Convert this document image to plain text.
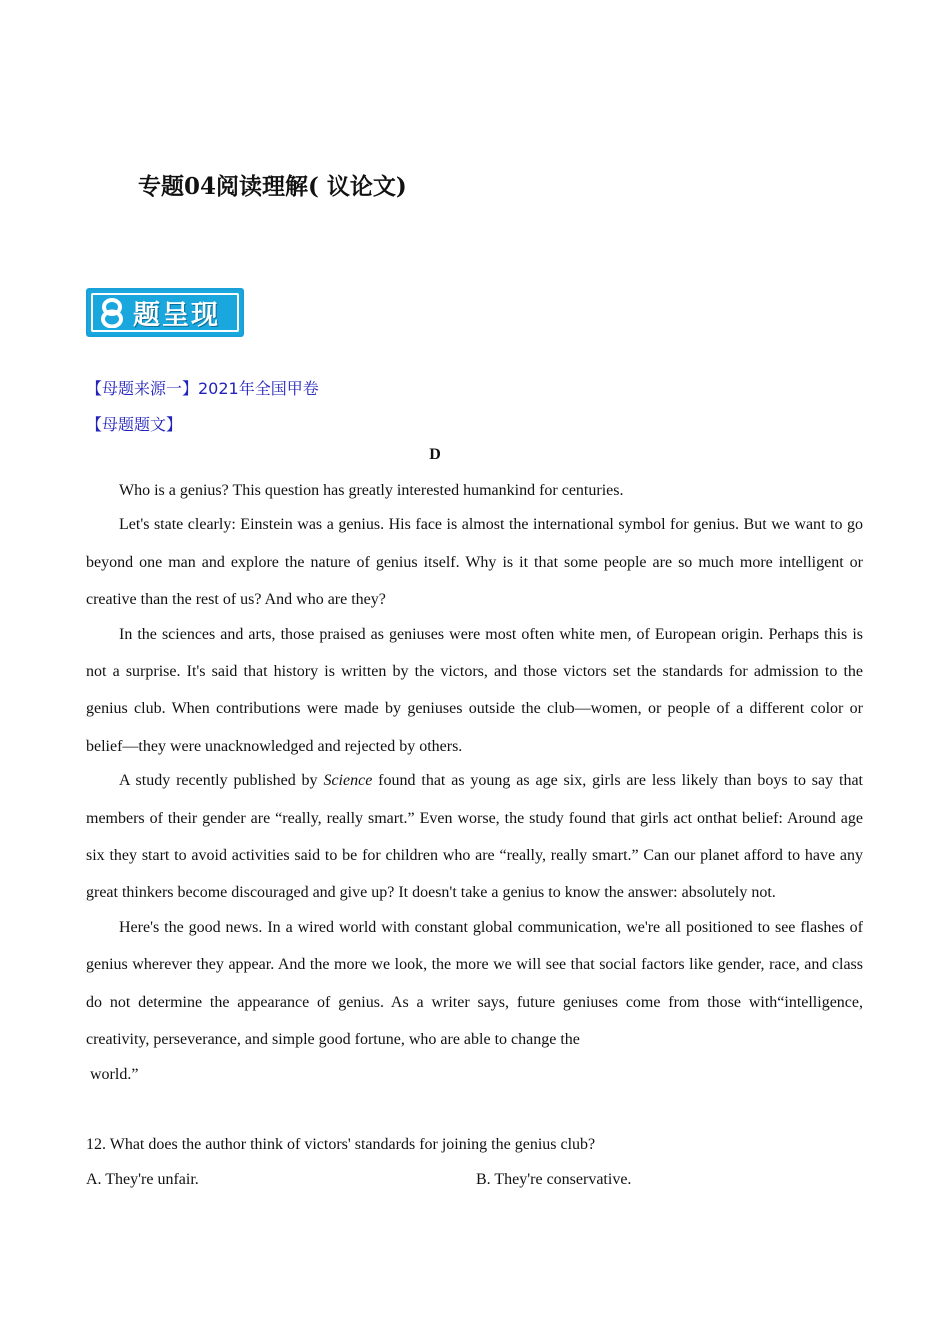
专题04阅读理解( 议论文)
题呈现
【母题来源一】2021年全国甲卷
【母题题文】
D

Who is a genius? This question has greatly interested humankind for centuries.

Let's state clearly: Einstein was a genius. His face is almost the international symbol for genius. But we want to go beyond one man and explore the nature of genius itself. Why is it that some people are so much more intelligent or creative than the rest of us? And who are they?

In the sciences and arts, those praised as geniuses were most often white men, of European origin. Perhaps this is not a surprise. It's said that history is written by the victors, and those victors set the standards for admission to the genius club. When contributions were made by geniuses outside the club—women, or people of a different color or belief—they were unacknowledged and rejected by others.

A study recently published by Science found that as young as age six, girls are less likely than boys to say that members of their gender are “really, really smart.” Even worse, the study found that girls act onthat belief: Around age six they start to avoid activities said to be for children who are “really, really smart.” Can our planet afford to have any great thinkers become discouraged and give up? It doesn't take a genius to know the answer: absolutely not.

Here's the good news. In a wired world with constant global communication, we're all positioned to see flashes of genius wherever they appear. And the more we look, the more we will see that social factors like gender, race, and class do not determine the appearance of genius. As a writer says, future geniuses come from those with“intelligence, creativity, perseverance, and simple good fortune, who are able to change the

world.”

12. What does the author think of victors' standards for joining the genius club?
A. They're unfair.	B. They're conservative.
